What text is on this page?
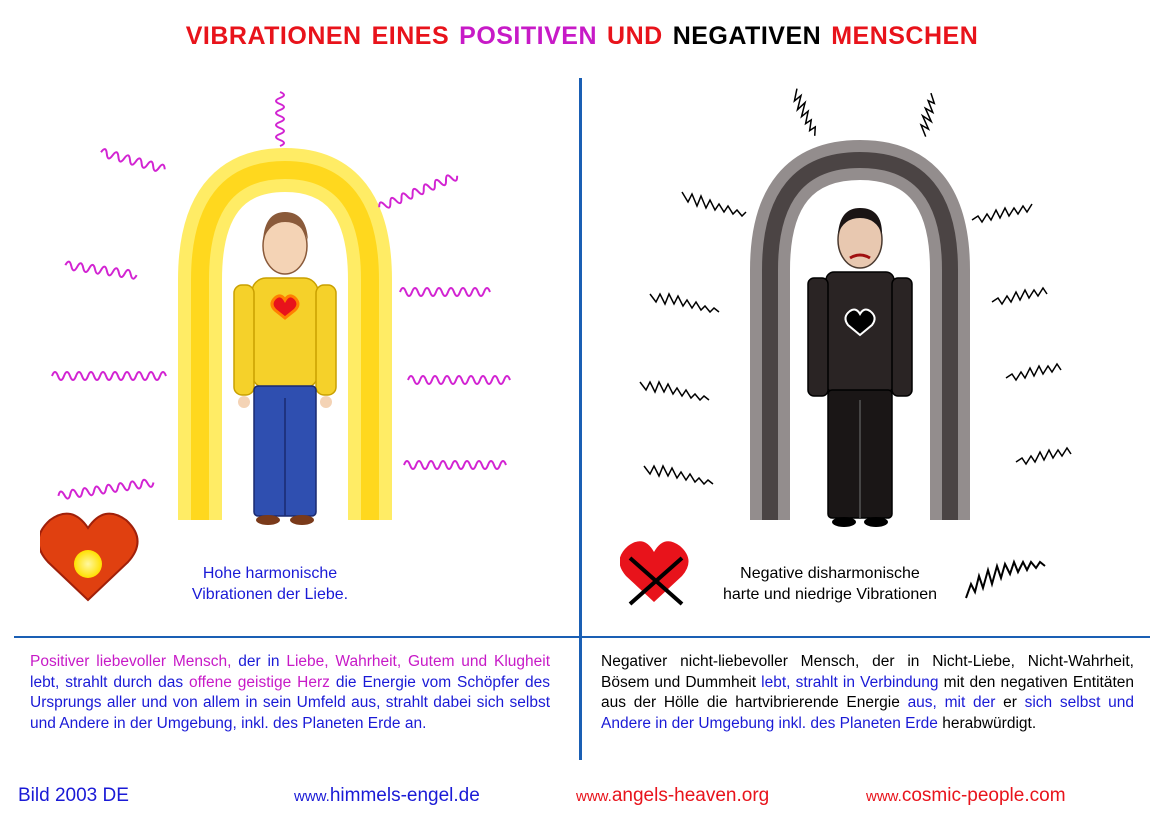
VIBRATIONEN EINES POSITIVEN UND NEGATIVEN MENSCHEN
Hohe harmonische
Vibrationen der Liebe.
Negative disharmonische
harte und niedrige Vibrationen
Positiver liebevoller Mensch, der in Liebe, Wahrheit, Gutem und Klugheit lebt, strahlt durch das offene geistige Herz die Energie vom Schöpfer des Ursprungs aller und von allem in sein Umfeld aus, strahlt dabei sich selbst und Andere in der Umgebung, inkl. des Planeten Erde an.
Negativer nicht-liebevoller Mensch, der in Nicht-Liebe, Nicht-Wahrheit, Bösem und Dummheit lebt, strahlt in Verbindung mit den negativen Entitäten aus der Hölle die hartvibrierende Energie aus, mit der er sich selbst und Andere in der Umgebung inkl. des Planeten Erde herabwürdigt.
Bild 2003 DE	www.himmels-engel.de	www.angels-heaven.org	www.cosmic-people.com
